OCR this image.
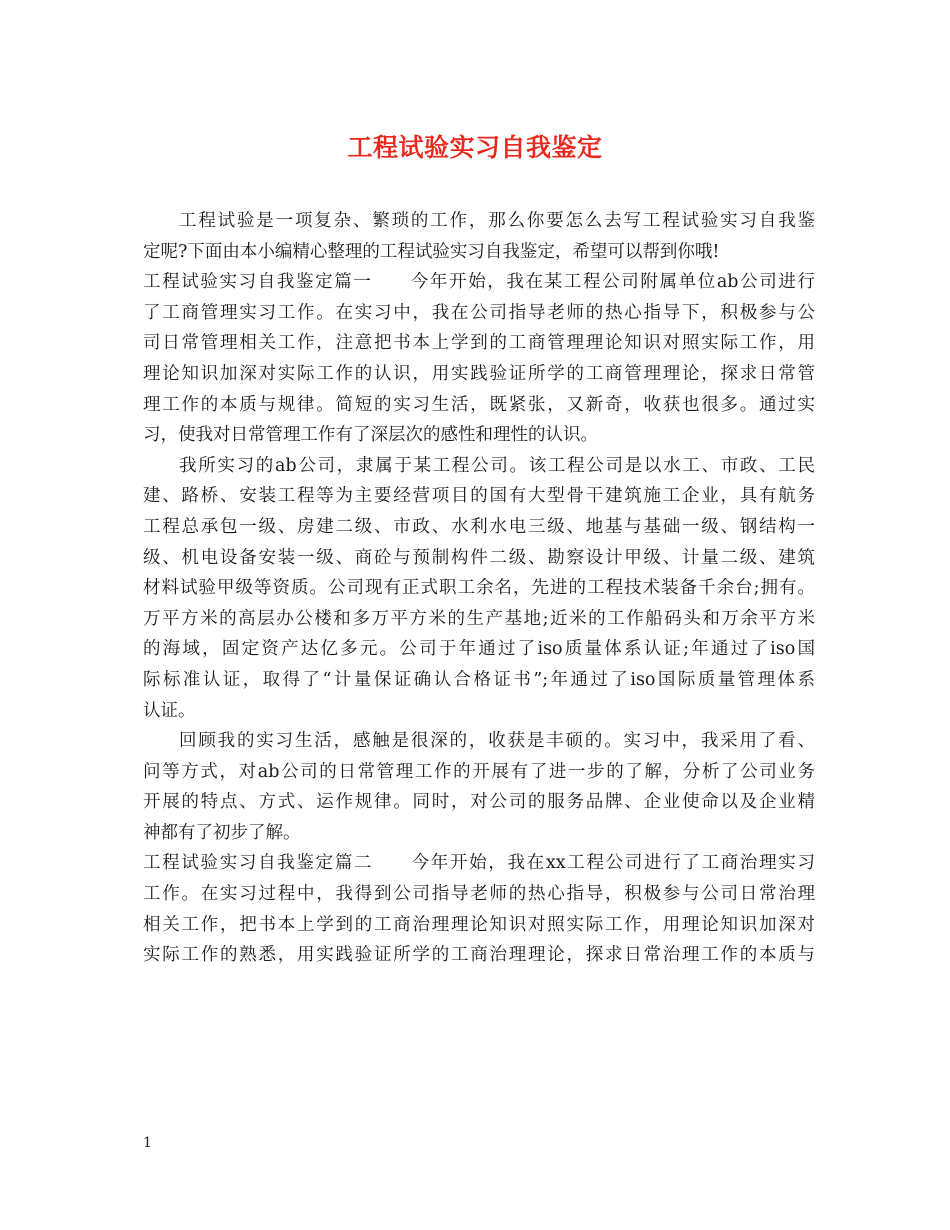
工程试验实习自我鉴定
工程试验是一项复杂、繁琐的工作，那么你要怎么去写工程试验实习自我鉴
定呢?下面由本小编精心整理的工程试验实习自我鉴定，希望可以帮到你哦!
工程试验实习自我鉴定篇一　　今年开始，我在某工程公司附属单位ab公司进行
了工商管理实习工作。在实习中，我在公司指导老师的热心指导下，积极参与公
司日常管理相关工作，注意把书本上学到的工商管理理论知识对照实际工作，用
理论知识加深对实际工作的认识，用实践验证所学的工商管理理论，探求日常管
理工作的本质与规律。简短的实习生活，既紧张，又新奇，收获也很多。通过实
习，使我对日常管理工作有了深层次的感性和理性的认识。
我所实习的ab公司，隶属于某工程公司。该工程公司是以水工、市政、工民
建、路桥、安装工程等为主要经营项目的国有大型骨干建筑施工企业，具有航务
工程总承包一级、房建二级、市政、水利水电三级、地基与基础一级、钢结构一
级、机电设备安装一级、商砼与预制构件二级、勘察设计甲级、计量二级、建筑
材料试验甲级等资质。公司现有正式职工余名，先进的工程技术装备千余台;拥有。
万平方米的高层办公楼和多万平方米的生产基地;近米的工作船码头和万余平方米
的海域，固定资产达亿多元。公司于年通过了iso质量体系认证;年通过了iso国
际标准认证，取得了“计量保证确认合格证书”;年通过了iso国际质量管理体系
认证。
回顾我的实习生活，感触是很深的，收获是丰硕的。实习中，我采用了看、
问等方式，对ab公司的日常管理工作的开展有了进一步的了解，分析了公司业务
开展的特点、方式、运作规律。同时，对公司的服务品牌、企业使命以及企业精
神都有了初步了解。
工程试验实习自我鉴定篇二　　今年开始，我在xx工程公司进行了工商治理实习
工作。在实习过程中，我得到公司指导老师的热心指导，积极参与公司日常治理
相关工作，把书本上学到的工商治理理论知识对照实际工作，用理论知识加深对
实际工作的熟悉，用实践验证所学的工商治理理论，探求日常治理工作的本质与
1
